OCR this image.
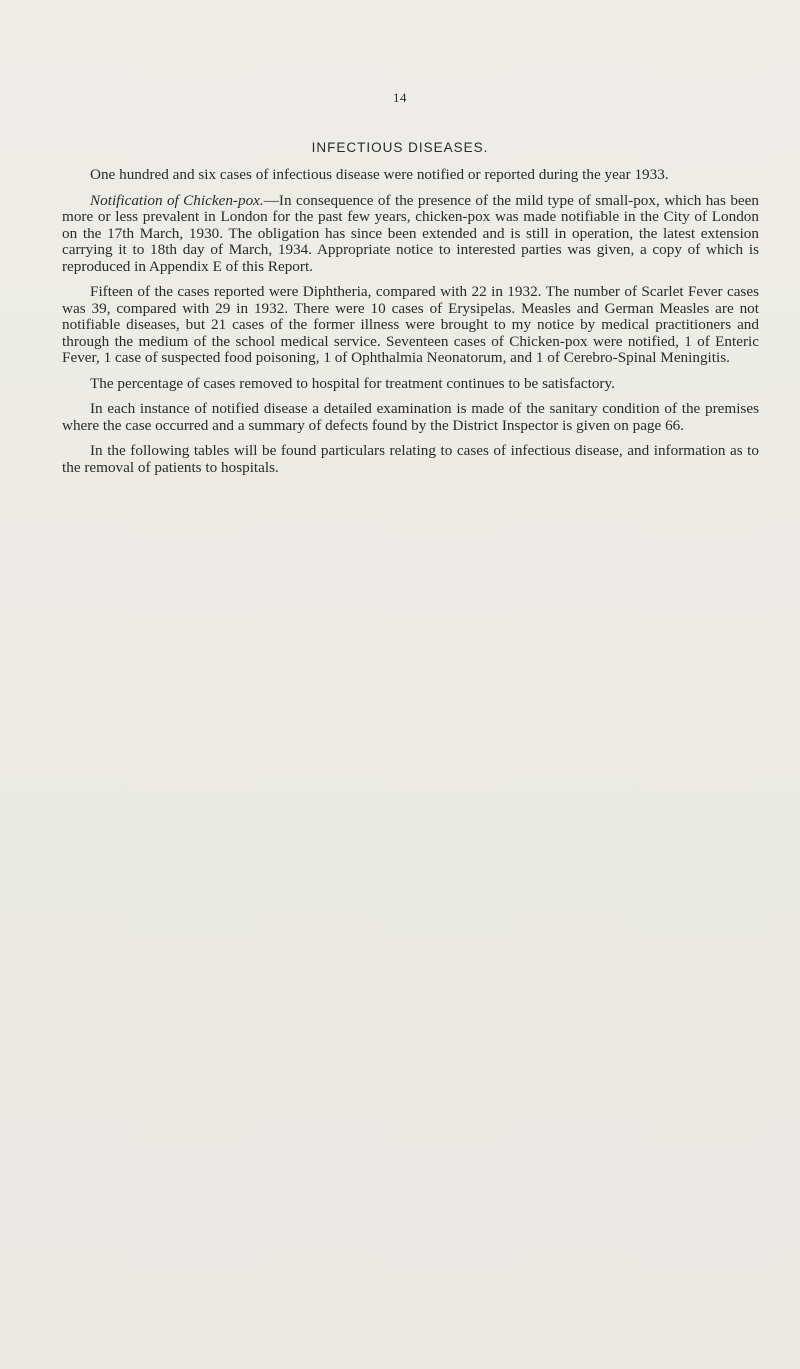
14
INFECTIOUS DISEASES.

One hundred and six cases of infectious disease were notified or reported during the year 1933.

Notification of Chicken-pox.—In consequence of the presence of the mild type of small-pox, which has been more or less prevalent in London for the past few years, chicken-pox was made notifiable in the City of London on the 17th March, 1930. The obligation has since been extended and is still in operation, the latest extension carrying it to 18th day of March, 1934. Appropriate notice to interested parties was given, a copy of which is reproduced in Appendix E of this Report.

Fifteen of the cases reported were Diphtheria, compared with 22 in 1932. The number of Scarlet Fever cases was 39, compared with 29 in 1932. There were 10 cases of Erysipelas. Measles and German Measles are not notifiable diseases, but 21 cases of the former illness were brought to my notice by medical practitioners and through the medium of the school medical service. Seventeen cases of Chicken-pox were notified, 1 of Enteric Fever, 1 case of suspected food poisoning, 1 of Ophthalmia Neonatorum, and 1 of Cerebro-Spinal Meningitis.

The percentage of cases removed to hospital for treatment continues to be satisfactory.

In each instance of notified disease a detailed examination is made of the sanitary condition of the premises where the case occurred and a summary of defects found by the District Inspector is given on page 66.

In the following tables will be found particulars relating to cases of infectious disease, and information as to the removal of patients to hospitals.
